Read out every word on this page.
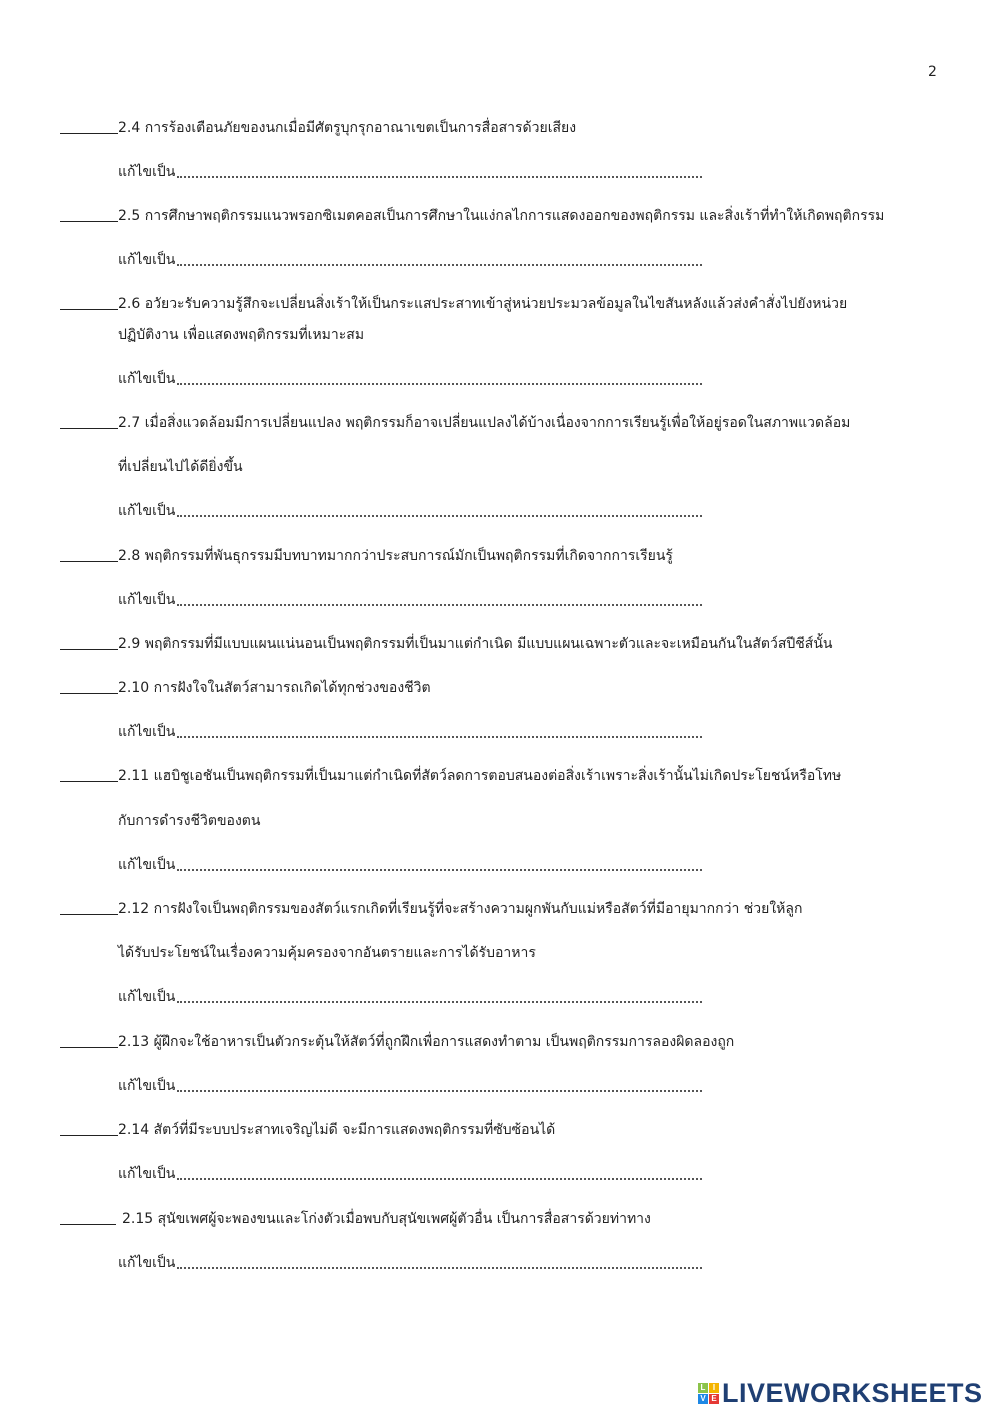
2
2.4 การร้องเตือนภัยของนกเมื่อมีศัตรูบุกรุกอาณาเขตเป็นการสื่อสารด้วยเสียง
แก้ไขเป็น
2.5 การศึกษาพฤติกรรมแนวพรอกซิเมตคอสเป็นการศึกษาในแง่กลไกการแสดงออกของพฤติกรรม และสิ่งเร้าที่ทำให้เกิดพฤติกรรม
แก้ไขเป็น
2.6 อวัยวะรับความรู้สึกจะเปลี่ยนสิ่งเร้าให้เป็นกระแสประสาทเข้าสู่หน่วยประมวลข้อมูลในไขสันหลังแล้วส่งคำสั่งไปยังหน่วย
ปฏิบัติงาน เพื่อแสดงพฤติกรรมที่เหมาะสม
แก้ไขเป็น
2.7 เมื่อสิ่งแวดล้อมมีการเปลี่ยนแปลง พฤติกรรมก็อาจเปลี่ยนแปลงได้บ้างเนื่องจากการเรียนรู้เพื่อให้อยู่รอดในสภาพแวดล้อม
ที่เปลี่ยนไปได้ดียิ่งขึ้น
แก้ไขเป็น
2.8 พฤติกรรมที่พันธุกรรมมีบทบาทมากกว่าประสบการณ์มักเป็นพฤติกรรมที่เกิดจากการเรียนรู้
แก้ไขเป็น
2.9 พฤติกรรมที่มีแบบแผนแน่นอนเป็นพฤติกรรมที่เป็นมาแต่กำเนิด มีแบบแผนเฉพาะตัวและจะเหมือนกันในสัตว์สปีชีส์นั้น
2.10 การฝังใจในสัตว์สามารถเกิดได้ทุกช่วงของชีวิต
แก้ไขเป็น
2.11 แฮบิชูเอชันเป็นพฤติกรรมที่เป็นมาแต่กำเนิดที่สัตว์ลดการตอบสนองต่อสิ่งเร้าเพราะสิ่งเร้านั้นไม่เกิดประโยชน์หรือโทษ
กับการดำรงชีวิตของตน
แก้ไขเป็น
2.12 การฝังใจเป็นพฤติกรรมของสัตว์แรกเกิดที่เรียนรู้ที่จะสร้างความผูกพันกับแม่หรือสัตว์ที่มีอายุมากกว่า ช่วยให้ลูก
ได้รับประโยชน์ในเรื่องความคุ้มครองจากอันตรายและการได้รับอาหาร
แก้ไขเป็น
2.13 ผู้ฝึกจะใช้อาหารเป็นตัวกระตุ้นให้สัตว์ที่ถูกฝึกเพื่อการแสดงทำตาม เป็นพฤติกรรมการลองผิดลองถูก
แก้ไขเป็น
2.14 สัตว์ที่มีระบบประสาทเจริญไม่ดี จะมีการแสดงพฤติกรรมที่ซับซ้อนได้
แก้ไขเป็น
2.15 สุนัขเพศผู้จะพองขนและโก่งตัวเมื่อพบกับสุนัขเพศผู้ตัวอื่น เป็นการสื่อสารด้วยท่าทาง
แก้ไขเป็น
L I
V E LIVEWORKSHEETS
